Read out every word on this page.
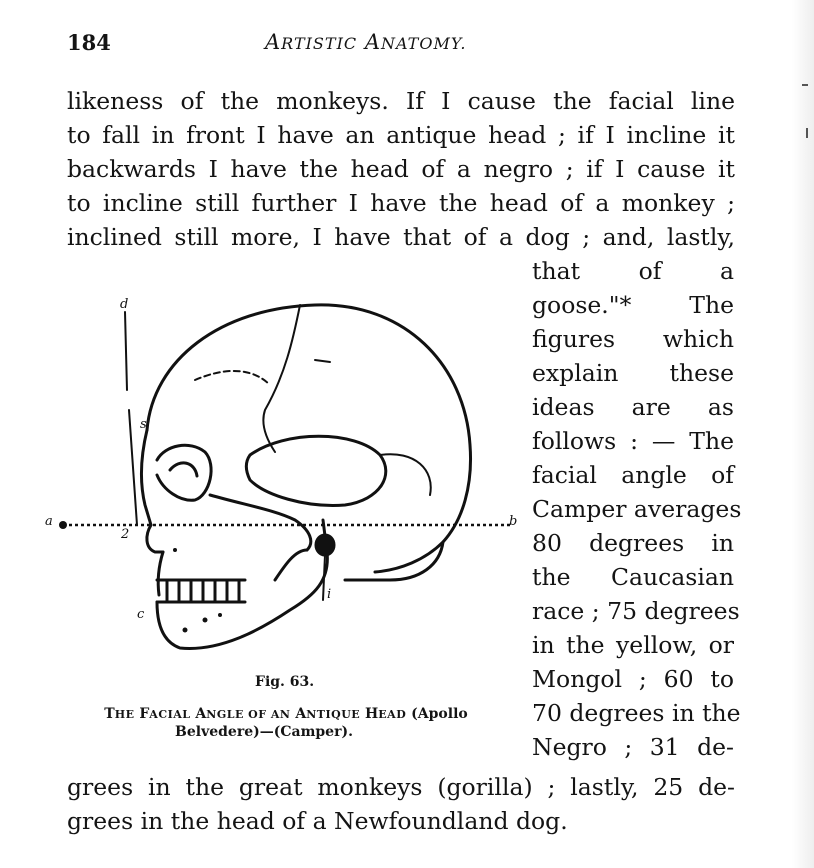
184	ARTISTIC ANATOMY.
likeness of the monkeys. If I cause the facial line
to fall in front I have an antique head ; if I incline it
backwards I have the head of a negro ; if I cause it
to incline still further I have the head of a monkey ;
inclined still more, I have that of a dog ; and, lastly,
that of a
goose."* The
figures which
explain these
ideas are as
follows : — The
facial angle of
Camper averages
80 degrees in
the Caucasian
race ; 75 degrees
in the yellow, or
Mongol ; 60 to
70 degrees in the
Negro ; 31 de-
grees in the great monkeys (gorilla) ; lastly, 25 de-
grees in the head of a Newfoundland dog.
d
s
a	b
c
i
2
Fig. 63.
THE FACIAL ANGLE OF AN ANTIQUE HEAD (Apollo
Belvedere)—(Camper).
